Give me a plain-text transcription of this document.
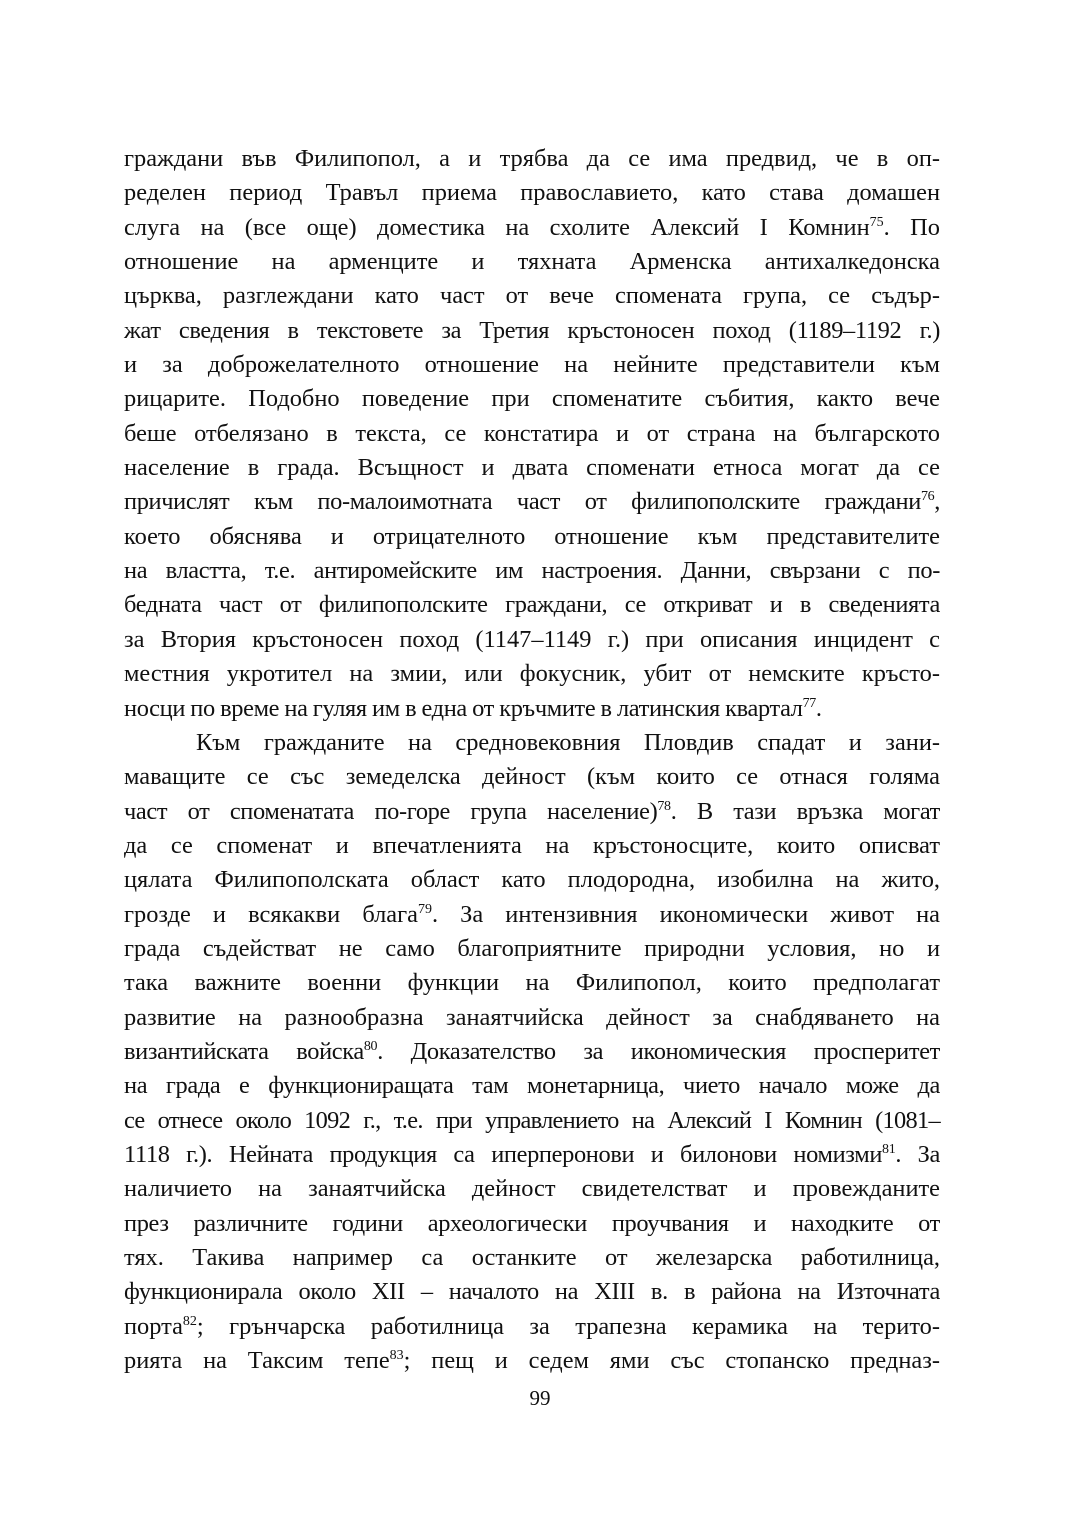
граждани във Филипопол, а и трябва да се има предвид, че в оп-
ределен период Травъл приема православието, като става домашен
слуга на (все още) доместика на схолите Алексий I Комнин$^{75}$. По
отношение на арменците и тяхната Арменска антихалкедонска
църква, разглеждани като част от вече спомената група, се съдър-
жат сведения в текстовете за Третия кръстоносен поход (1189–1192 г.)
и за доброжелателното отношение на нейните представители към
рицарите. Подобно поведение при споменатите събития, както вече
беше отбелязано в текста, се констатира и от страна на българското
население в града. Всъщност и двата споменати етноса могат да се
причислят към по-малоимотната част от филипополските граждани$^{76}$,
което обяснява и отрицателното отношение към представителите
на властта, т.е. антиромейските им настроения. Данни, свързани с по-
бедната част от филипополските граждани, се откриват и в сведенията
за Втория кръстоносен поход (1147–1149 г.) при описания инцидент с
местния укротител на змии, или фокусник, убит от немските кръсто-
носци по време на гуляя им в една от кръчмите в латинския квартал$^{77}$.
Към гражданите на средновековния Пловдив спадат и зани-
маващите се със земеделска дейност (към които се отнася голяма
част от споменатата по-горе група население)$^{78}$. В тази връзка могат
да се споменат и впечатленията на кръстоносците, които описват
цялата Филипополската област като плодородна, изобилна на жито,
грозде и всякакви блага$^{79}$. За интензивния икономически живот на
града съдействат не само благоприятните природни условия, но и
така важните военни функции на Филипопол, които предполагат
развитие на разнообразна занаятчийска дейност за снабдяването на
византийската войска$^{80}$. Доказателство за икономическия просперитет
на града е функциониращата там монетарница, чието начало може да
се отнесе около 1092 г., т.е. при управлението на Алексий I Комнин (1081–
1118 г.). Нейната продукция са иперперонови и билонови номизми$^{81}$. За
наличието на занаятчийска дейност свидетелстват и провежданите
през различните години археологически проучвания и находките от
тях. Такива например са останките от железарска работилница,
функционирала около XII – началото на XIII в. в района на Източната
порта$^{82}$; грънчарска работилница за трапезна керамика на терито-
рията на Таксим тепе$^{83}$; пещ и седем ями със стопанско предназ-
99
